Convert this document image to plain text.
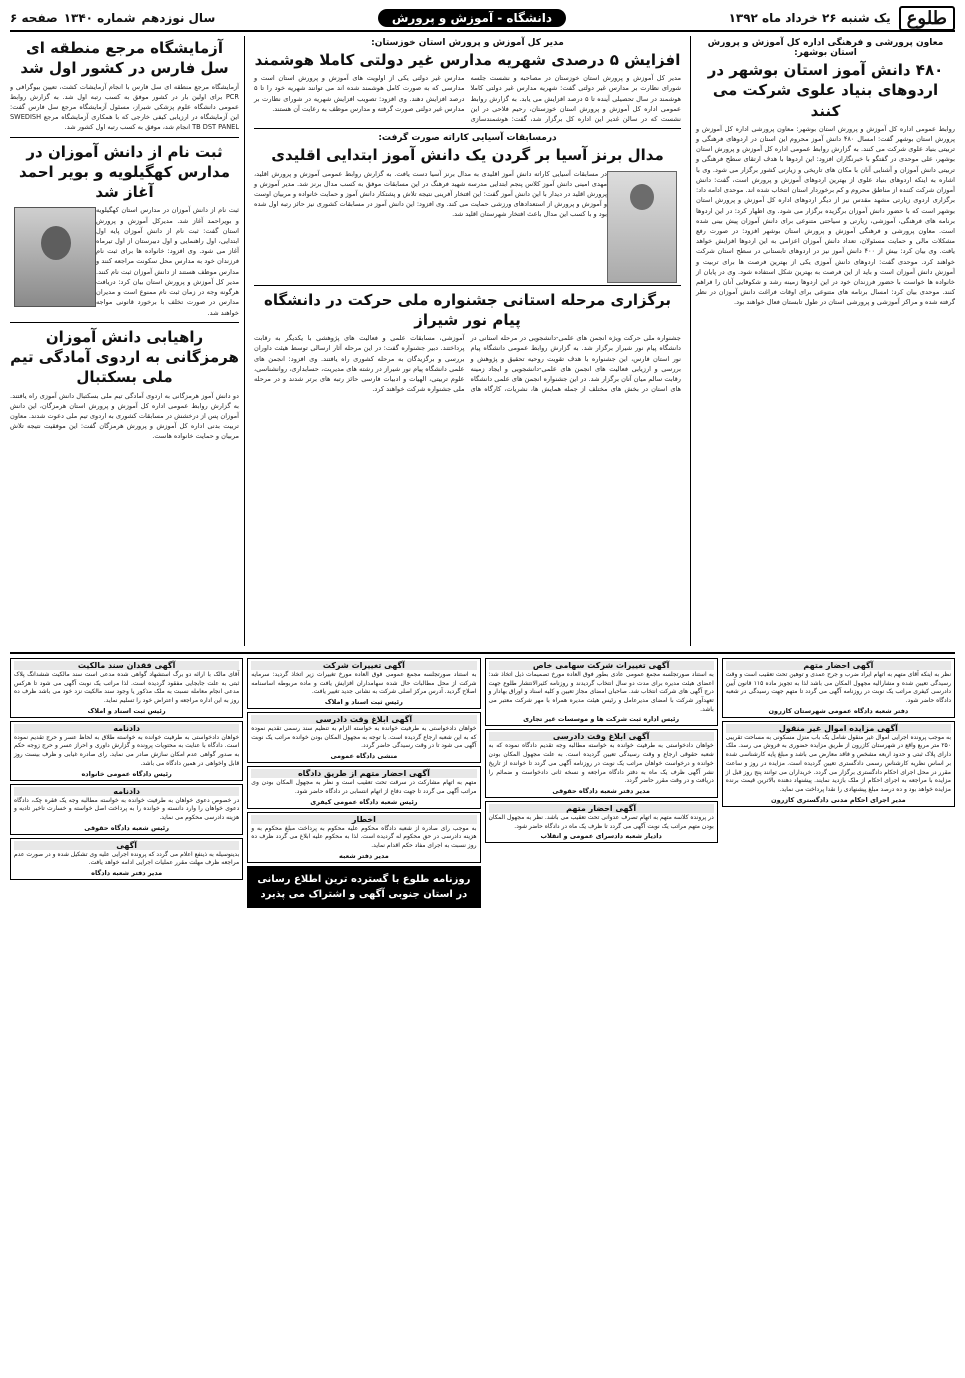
طلوع
یک شنبه ۲۶ خرداد ماه ۱۳۹۲
دانشگاه - آموزش و پرورش
سال نوزدهم
شماره ۱۳۴۰
صفحه ۶
معاون پرورشی و فرهنگی اداره کل آموزش و پرورش استان بوشهر:
۴۸۰ دانش آموز استان بوشهر در اردوهای بنیاد علوی شرکت می کنند

روابط عمومی اداره کل آموزش و پرورش استان بوشهر: معاون پرورشی اداره کل آموزش و پرورش استان بوشهر گفت: امسال ۴۸۰ دانش آموز محروم این استان در اردوهای فرهنگی و تربیتی بنیاد علوی شرکت می کنند. به گزارش روابط عمومی اداره کل آموزش و پرورش استان بوشهر، علی موحدی در گفتگو با خبرنگاران افزود: این اردوها با هدف ارتقای سطح فرهنگی و تربیتی دانش آموزان و آشنایی آنان با مکان های تاریخی و زیارتی کشور برگزار می شود. وی با اشاره به اینکه اردوهای بنیاد علوی از بهترین اردوهای آموزش و پرورش است، گفت: دانش آموزان شرکت کننده از مناطق محروم و کم برخوردار استان انتخاب شده اند. موحدی ادامه داد: برگزاری اردوی زیارتی مشهد مقدس نیز از دیگر اردوهای اداره کل آموزش و پرورش استان بوشهر است که با حضور دانش آموزان برگزیده برگزار می شود. وی اظهار کرد: در این اردوها برنامه های فرهنگی، آموزشی، زیارتی و سیاحتی متنوعی برای دانش آموزان پیش بینی شده است. معاون پرورشی و فرهنگی آموزش و پرورش استان بوشهر افزود: در صورت رفع مشکلات مالی و حمایت مسئولان، تعداد دانش آموزان اعزامی به این اردوها افزایش خواهد یافت. وی بیان کرد: بیش از ۴۰۰ دانش آموز نیز در اردوهای تابستانی در سطح استان شرکت خواهند کرد. موحدی گفت: اردوهای دانش آموزی یکی از بهترین فرصت ها برای تربیت و آموزش دانش آموزان است و باید از این فرصت به بهترین شکل استفاده شود. وی در پایان از خانواده ها خواست با حضور فرزندان خود در این اردوها زمینه رشد و شکوفایی آنان را فراهم کنند. موحدی بیان کرد: امسال برنامه های متنوعی برای اوقات فراغت دانش آموزان در نظر گرفته شده و مراکز آموزشی و پرورشی استان در طول تابستان فعال خواهند بود.

مدیر کل آموزش و پرورش استان خوزستان:
افزایش ۵ درصدی شهریه مدارس غیر دولتی کاملا هوشمند

مدیر کل آموزش و پرورش استان خوزستان در مصاحبه و نشست جلسه شورای نظارت بر مدارس غیر دولتی گفت: شهریه مدارس غیر دولتی کاملا هوشمند در سال تحصیلی آینده تا ۵ درصد افزایش می یابد. به گزارش روابط عمومی اداره کل آموزش و پرورش استان خوزستان، رحیم فلاحی در این نشست که در سالن غدیر این اداره کل برگزار شد، گفت: هوشمندسازی مدارس غیر دولتی یکی از اولویت های آموزش و پرورش استان است و مدارسی که به صورت کامل هوشمند شده اند می توانند شهریه خود را تا ۵ درصد افزایش دهند. وی افزود: تصویب افزایش شهریه در شورای نظارت بر مدارس غیر دولتی صورت گرفته و مدارس موظف به رعایت آن هستند.

درمسابقات آسیایی کاراته صورت گرفت:
مدال برنز آسیا بر گردن یک دانش آموز ابتدایی اقلیدی

در مسابقات آسیایی کاراته دانش آموز اقلیدی به مدال برنز آسیا دست یافت. به گزارش روابط عمومی آموزش و پرورش اقلید، مهدی امینی دانش آموز کلاس پنجم ابتدایی مدرسه شهید فرهنگ در این مسابقات موفق به کسب مدال برنز شد. مدیر آموزش و پرورش اقلید در دیدار با این دانش آموز گفت: این افتخار آفرینی نتیجه تلاش و پشتکار دانش آموز و حمایت خانواده و مربیان اوست و آموزش و پرورش از استعدادهای ورزشی حمایت می کند. وی افزود: این دانش آموز در مسابقات کشوری نیز حائز رتبه اول شده بود و با کسب این مدال باعث افتخار شهرستان اقلید شد.

برگزاری مرحله استانی جشنواره ملی حرکت در دانشگاه پیام نور شیراز

جشنواره ملی حرکت ویژه انجمن های علمی-دانشجویی در مرحله استانی در دانشگاه پیام نور شیراز برگزار شد. به گزارش روابط عمومی دانشگاه پیام نور استان فارس، این جشنواره با هدف تقویت روحیه تحقیق و پژوهش و بررسی و ارزیابی فعالیت های انجمن های علمی-دانشجویی و ایجاد زمینه رقابت سالم میان آنان برگزار شد. در این جشنواره انجمن های علمی دانشگاه های استان در بخش های مختلف از جمله همایش ها، نشریات، کارگاه های آموزشی، مسابقات علمی و فعالیت های پژوهشی با یکدیگر به رقابت پرداختند. دبیر جشنواره گفت: در این مرحله آثار ارسالی توسط هیئت داوران بررسی و برگزیدگان به مرحله کشوری راه یافتند. وی افزود: انجمن های علمی دانشگاه پیام نور شیراز در رشته های مدیریت، حسابداری، روانشناسی، علوم تربیتی، الهیات و ادبیات فارسی حائز رتبه های برتر شدند و در مرحله ملی جشنواره شرکت خواهند کرد.

آزمایشگاه مرجع منطقه ای سل فارس در کشور اول شد

آزمایشگاه مرجع منطقه ای سل فارس با انجام آزمایشات کشت، تعیین بیوگرافی و PCR برای اولین بار در کشور موفق به کسب رتبه اول شد. به گزارش روابط عمومی دانشگاه علوم پزشکی شیراز، مسئول آزمایشگاه مرجع سل فارس گفت: این آزمایشگاه در ارزیابی کیفی خارجی که با همکاری آزمایشگاه مرجع SWEDISH TB DST PANEL انجام شد، موفق به کسب رتبه اول کشور شد.

ثبت نام از دانش آموزان در مدارس کهگیلویه و بویر احمد آغاز شد

ثبت نام از دانش آموزان در مدارس استان کهگیلویه و بویراحمد آغاز شد. مدیرکل آموزش و پرورش استان گفت: ثبت نام از دانش آموزان پایه اول ابتدایی، اول راهنمایی و اول دبیرستان از اول تیرماه آغاز می شود. وی افزود: خانواده ها برای ثبت نام فرزندان خود به مدارس محل سکونت مراجعه کنند و مدارس موظف هستند از دانش آموزان ثبت نام کنند. مدیر کل آموزش و پرورش استان بیان کرد: دریافت هرگونه وجه در زمان ثبت نام ممنوع است و مدیران مدارس در صورت تخلف با برخورد قانونی مواجه خواهند شد.

راهیابی دانش آموزان هرمزگانی به اردوی آمادگی تیم ملی بسکتبال

دو دانش آموز هرمزگانی به اردوی آمادگی تیم ملی بسکتبال دانش آموزی راه یافتند. به گزارش روابط عمومی اداره کل آموزش و پرورش استان هرمزگان، این دانش آموزان پس از درخشش در مسابقات کشوری به اردوی تیم ملی دعوت شدند. معاون تربیت بدنی اداره کل آموزش و پرورش هرمزگان گفت: این موفقیت نتیجه تلاش مربیان و حمایت خانواده هاست.

آگهی احضار متهم

نظر به اینکه آقای متهم به اتهام ایراد ضرب و جرح عمدی و توهین تحت تعقیب است و وقت رسیدگی تعیین شده و مشارالیه مجهول المکان می باشد لذا به تجویز ماده ۱۱۵ قانون آیین دادرسی کیفری مراتب یک نوبت در روزنامه آگهی می گردد تا متهم جهت رسیدگی در شعبه دادگاه حاضر شود.

دفتر شعبه دادگاه عمومی شهرستان کازرون
آگهی مزایده اموال غیر منقول

به موجب پرونده اجرایی اموال غیر منقول شامل یک باب منزل مسکونی به مساحت تقریبی ۲۵۰ متر مربع واقع در شهرستان کازرون از طریق مزایده حضوری به فروش می رسد. ملک دارای پلاک ثبتی و حدود اربعه مشخص و فاقد معارض می باشد و مبلغ پایه کارشناسی شده بر اساس نظریه کارشناس رسمی دادگستری تعیین گردیده است. مزایده در روز و ساعت مقرر در محل اجرای احکام دادگستری برگزار می گردد. خریداران می توانند پنج روز قبل از مزایده با مراجعه به اجرای احکام از ملک بازدید نمایند. پیشنهاد دهنده بالاترین قیمت برنده مزایده خواهد بود و ده درصد مبلغ پیشنهادی را نقدا پرداخت می نماید.

مدیر اجرای احکام مدنی دادگستری کازرون
آگهی تغییرات شرکت سهامی خاص

به استناد صورتجلسه مجمع عمومی عادی بطور فوق العاده مورخ تصمیمات ذیل اتخاذ شد: اعضای هیئت مدیره برای مدت دو سال انتخاب گردیدند و روزنامه کثیرالانتشار طلوع جهت درج آگهی های شرکت انتخاب شد. صاحبان امضای مجاز تعیین و کلیه اسناد و اوراق بهادار و تعهدآور شرکت با امضای مدیرعامل و رئیس هیئت مدیره همراه با مهر شرکت معتبر می باشد.

رئیس اداره ثبت شرکت ها و موسسات غیر تجاری
آگهی ابلاغ وقت دادرسی

خواهان دادخواستی به طرفیت خوانده به خواسته مطالبه وجه تقدیم دادگاه نموده که به شعبه حقوقی ارجاع و وقت رسیدگی تعیین گردیده است. به علت مجهول المکان بودن خوانده و درخواست خواهان مراتب یک نوبت در روزنامه آگهی می گردد تا خوانده از تاریخ نشر آگهی ظرف یک ماه به دفتر دادگاه مراجعه و نسخه ثانی دادخواست و ضمائم را دریافت و در وقت مقرر حاضر گردد.

مدیر دفتر شعبه دادگاه حقوقی
آگهی احضار متهم

در پرونده کلاسه متهم به اتهام تصرف عدوانی تحت تعقیب می باشد. نظر به مجهول المکان بودن متهم مراتب یک نوبت آگهی می گردد تا ظرف یک ماه در دادگاه حاضر شود.

دادیار شعبه دادسرای عمومی و انقلاب
آگهی تغییرات شرکت

به استناد صورتجلسه مجمع عمومی فوق العاده مورخ تغییرات زیر اتخاذ گردید: سرمایه شرکت از محل مطالبات حال شده سهامداران افزایش یافت و ماده مربوطه اساسنامه اصلاح گردید. آدرس مرکز اصلی شرکت به نشانی جدید تغییر یافت.

رئیس ثبت اسناد و املاک
آگهی ابلاغ وقت دادرسی

خواهان دادخواستی به طرفیت خوانده به خواسته الزام به تنظیم سند رسمی تقدیم نموده که به این شعبه ارجاع گردیده است. با توجه به مجهول المکان بودن خوانده مراتب یک نوبت آگهی می شود تا در وقت رسیدگی حاضر گردد.

منشی دادگاه عمومی
آگهی احضار متهم از طریق دادگاه

متهم به اتهام مشارکت در سرقت تحت تعقیب است و نظر به مجهول المکان بودن وی مراتب آگهی می گردد تا جهت دفاع از اتهام انتسابی در دادگاه حاضر شود.

رئیس شعبه دادگاه عمومی کیفری
اخطار

به موجب رای صادره از شعبه دادگاه محکوم علیه محکوم به پرداخت مبلغ محکوم به و هزینه دادرسی در حق محکوم له گردیده است. لذا به محکوم علیه ابلاغ می گردد ظرف ده روز نسبت به اجرای مفاد حکم اقدام نماید.

مدیر دفتر شعبه
روزنامه طلوع با گسترده ترین اطلاع رسانی در استان جنوبی آگهی و اشتراک می پذیرد
آگهی فقدان سند مالکیت

آقای مالک با ارائه دو برگ استشهاد گواهی شده مدعی است سند مالکیت ششدانگ پلاک ثبتی به علت جابجایی مفقود گردیده است. لذا مراتب یک نوبت آگهی می شود تا هرکس مدعی انجام معامله نسبت به ملک مذکور یا وجود سند مالکیت نزد خود می باشد ظرف ده روز به این اداره مراجعه و اعتراض خود را تسلیم نماید.

رئیس ثبت اسناد و املاک
دادنامه

خواهان دادخواستی به طرفیت خوانده به خواسته طلاق به لحاظ عسر و حرج تقدیم نموده است. دادگاه با عنایت به محتویات پرونده و گزارش داوری و احراز عسر و حرج زوجه حکم به صدور گواهی عدم امکان سازش صادر می نماید. رای صادره غیابی و ظرف بیست روز قابل واخواهی در همین دادگاه می باشد.

رئیس دادگاه عمومی خانواده
دادنامه

در خصوص دعوی خواهان به طرفیت خوانده به خواسته مطالبه وجه یک فقره چک، دادگاه دعوی خواهان را وارد دانسته و خوانده را به پرداخت اصل خواسته و خسارت تاخیر تادیه و هزینه دادرسی محکوم می نماید.

رئیس شعبه دادگاه حقوقی
آگهی

بدینوسیله به ذینفع اعلام می گردد که پرونده اجرایی علیه وی تشکیل شده و در صورت عدم مراجعه ظرف مهلت مقرر عملیات اجرایی ادامه خواهد یافت.

مدیر دفتر شعبه دادگاه
